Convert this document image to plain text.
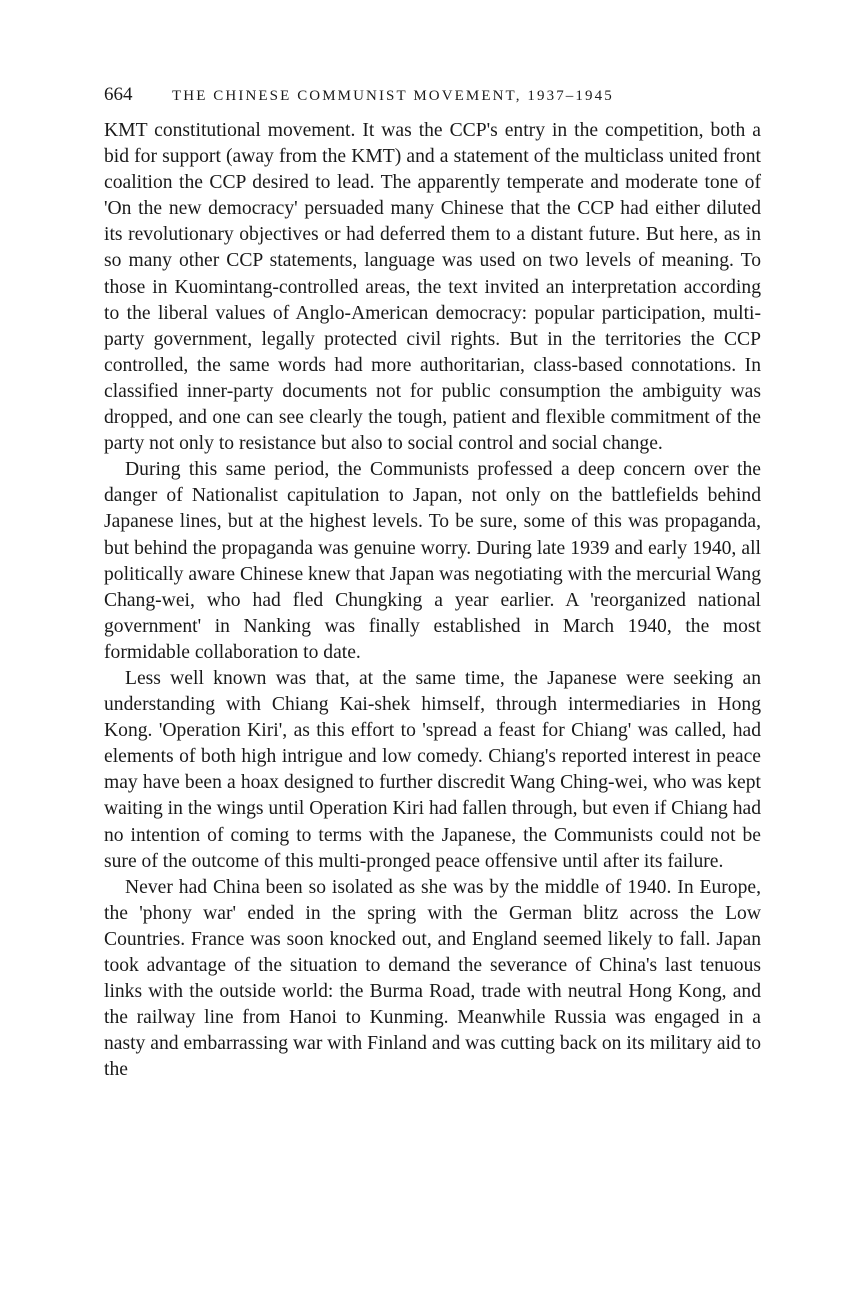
664	THE CHINESE COMMUNIST MOVEMENT, 1937–1945

KMT constitutional movement. It was the CCP's entry in the competition, both a bid for support (away from the KMT) and a statement of the multiclass united front coalition the CCP desired to lead. The apparently temperate and moderate tone of 'On the new democracy' persuaded many Chinese that the CCP had either diluted its revolutionary objectives or had deferred them to a distant future. But here, as in so many other CCP statements, language was used on two levels of meaning. To those in Kuomintang-controlled areas, the text invited an interpretation according to the liberal values of Anglo-American democracy: popular participation, multi-party government, legally protected civil rights. But in the territories the CCP controlled, the same words had more authoritarian, class-based connotations. In classified inner-party documents not for public consumption the ambiguity was dropped, and one can see clearly the tough, patient and flexible commitment of the party not only to resistance but also to social control and social change.

During this same period, the Communists professed a deep concern over the danger of Nationalist capitulation to Japan, not only on the battlefields behind Japanese lines, but at the highest levels. To be sure, some of this was propaganda, but behind the propaganda was genuine worry. During late 1939 and early 1940, all politically aware Chinese knew that Japan was negotiating with the mercurial Wang Chang-wei, who had fled Chungking a year earlier. A 'reorganized national government' in Nanking was finally established in March 1940, the most formidable collaboration to date.

Less well known was that, at the same time, the Japanese were seeking an understanding with Chiang Kai-shek himself, through intermediaries in Hong Kong. 'Operation Kiri', as this effort to 'spread a feast for Chiang' was called, had elements of both high intrigue and low comedy. Chiang's reported interest in peace may have been a hoax designed to further discredit Wang Ching-wei, who was kept waiting in the wings until Operation Kiri had fallen through, but even if Chiang had no intention of coming to terms with the Japanese, the Communists could not be sure of the outcome of this multi-pronged peace offensive until after its failure.

Never had China been so isolated as she was by the middle of 1940. In Europe, the 'phony war' ended in the spring with the German blitz across the Low Countries. France was soon knocked out, and England seemed likely to fall. Japan took advantage of the situation to demand the severance of China's last tenuous links with the outside world: the Burma Road, trade with neutral Hong Kong, and the railway line from Hanoi to Kunming. Meanwhile Russia was engaged in a nasty and embarrassing war with Finland and was cutting back on its military aid to the
